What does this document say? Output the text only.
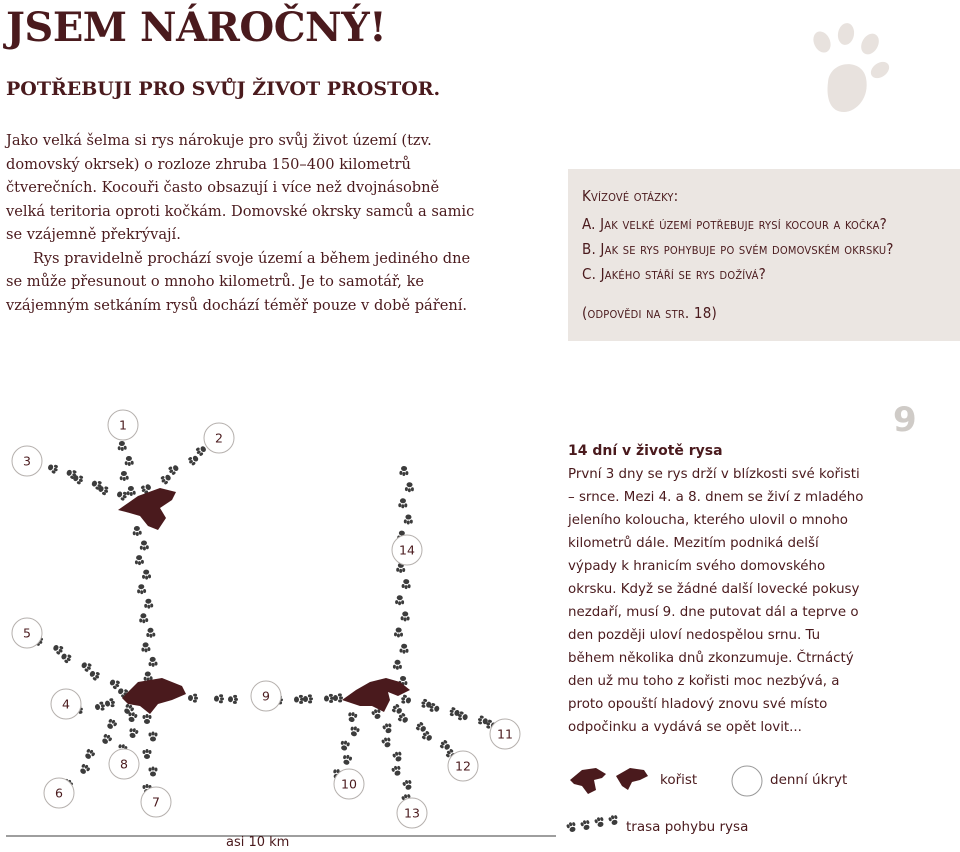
JSEM NÁROČNÝ!
POTŘEBUJI PRO SVŮJ ŽIVOT PROSTOR.

Jako velká šelma si rys nárokuje pro svůj život území (tzv. domovský okrsek) o rozloze zhruba 150–400 kilometrů čtverečních. Kocouři často obsazují i více než dvojnásobně velká teritoria oproti kočkám. Domovské okrsky samců a samic se vzájemně překrývají.

Rys pravidelně prochází svoje území a během jediného dne se může přesunout o mnoho kilometrů. Je to samotář, ke vzájemným setkáním rysů dochází téměř pouze v době páření.

Kvízové otázky:
A. Jak velké území potřebuje rysí kocour a kočka?
B. Jak se rys pohybuje po svém domovském okrsku?
C. Jakého stáří se rys dožívá?
(odpovědi na str. 18)
9
14 dní v životě rysa
První 3 dny se rys drží v blízkosti své kořisti – srnce. Mezi 4. a 8. dnem se živí z mladého jeleního kolouchа, kterého ulovil o mnoho kilometrů dále. Mezitím podniká delší výpady k hranicím svého domovského okrsku. Když se žádné další lovecké pokusy nezdaří, musí 9. dne putovat dál a teprve o den později uloví nedospělou srnu. Tu během několika dnů zkonzumuje. Čtrnáctý den už mu toho z kořisti moc nezbývá, a proto opouští hladový znovu své místo odpočinku a vydává se opět lovit...
1
2
3
4
5
6
7
8
9
10
11
12
13
14
asi 10 km
kořist	denní úkryt
trasa pohybu rysa
